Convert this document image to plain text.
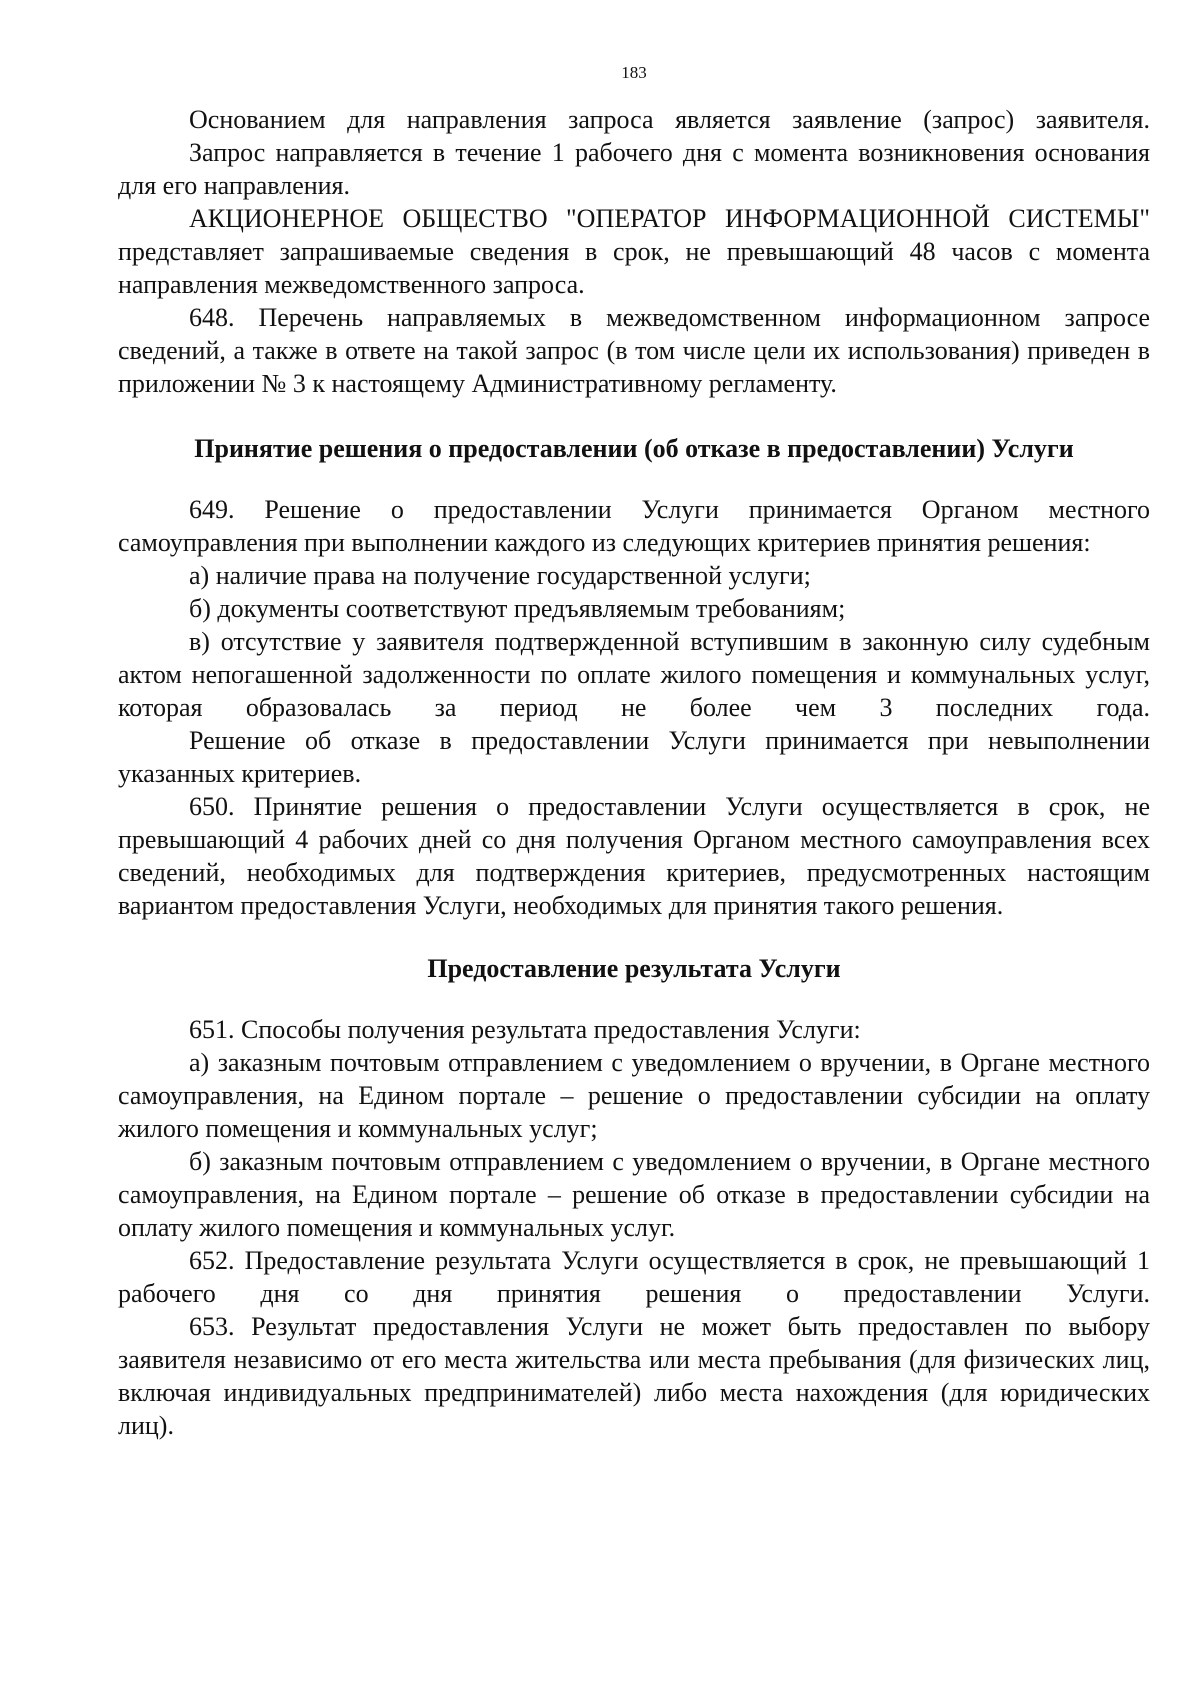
183

Основанием для направления запроса является заявление (запрос) заявителя.

Запрос направляется в течение 1 рабочего дня с момента возникновения основания для его направления.

АКЦИОНЕРНОЕ ОБЩЕСТВО "ОПЕРАТОР ИНФОРМАЦИОННОЙ СИСТЕМЫ" представляет запрашиваемые сведения в срок, не превышающий 48 часов с момента направления межведомственного запроса.

648. Перечень направляемых в межведомственном информационном запросе сведений, а также в ответе на такой запрос (в том числе цели их использования) приведен в приложении № 3 к настоящему Административному регламенту.

Принятие решения о предоставлении (об отказе в предоставлении) Услуги

649. Решение о предоставлении Услуги принимается Органом местного самоуправления при выполнении каждого из следующих критериев принятия решения:

а) наличие права на получение государственной услуги;

б) документы соответствуют предъявляемым требованиям;

в) отсутствие у заявителя подтвержденной вступившим в законную силу судебным актом непогашенной задолженности по оплате жилого помещения и коммунальных услуг, которая образовалась за период не более чем 3 последних года.

Решение об отказе в предоставлении Услуги принимается при невыполнении указанных критериев.

650. Принятие решения о предоставлении Услуги осуществляется в срок, не превышающий 4 рабочих дней со дня получения Органом местного самоуправления всех сведений, необходимых для подтверждения критериев, предусмотренных настоящим вариантом предоставления Услуги, необходимых для принятия такого решения.

Предоставление результата Услуги

651. Способы получения результата предоставления Услуги:

а) заказным почтовым отправлением с уведомлением о вручении, в Органе местного самоуправления, на Едином портале – решение о предоставлении субсидии на оплату жилого помещения и коммунальных услуг;

б) заказным почтовым отправлением с уведомлением о вручении, в Органе местного самоуправления, на Едином портале – решение об отказе в предоставлении субсидии на оплату жилого помещения и коммунальных услуг.

652. Предоставление результата Услуги осуществляется в срок, не превышающий 1 рабочего дня со дня принятия решения о предоставлении Услуги.

653. Результат предоставления Услуги не может быть предоставлен по выбору заявителя независимо от его места жительства или места пребывания (для физических лиц, включая индивидуальных предпринимателей) либо места нахождения (для юридических лиц).
